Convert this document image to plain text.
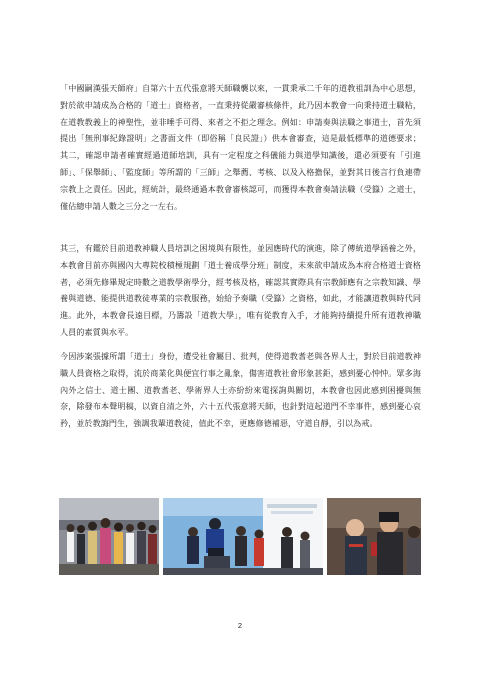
「中國嗣漢張天師府」自第六十五代張意將天師職襲以來，一貫秉承二千年的道教祖訓為中心思想，對於欲申請成為合格的「道士」資格者，一直秉持從嚴審核條件，此乃因本教會一向秉持道士職粘，在道教教義上的神聖性，並非唾手可得、來者之不拒之理念。例如：申請奏與法職之事道士，首先須提出「無刑事紀錄證明」之書面文件（即俗稱「良民證」）供本會審查，這是最低標準的道德要求；其二，確認申請者確實經過道師培訓，具有一定程度之科儀能力與道學知識後，還必須要有「引進師」、「保舉師」、「監度師」等所謂的「三師」之舉薦、考核、以及入格擔保，並對其日後言行負連帶宗教上之責任。因此，經統計，最終通過本教會審核認可，而獲得本教會奏請法職（受籙）之道士，僅佔總申請人數之三分之一左右。

其三，有鑑於目前道教神職人員培訓之困境與有限性，並因應時代的演進，除了傳統道學涵養之外，本教會目前亦與國內大專院校積極規劃「道士養成學分班」制度，未來欲申請成為本府合格道士資格者，必須先修畢規定時數之道教學術學分，經考核及格，確認其實際具有宗教師應有之宗教知識、學養與道德、能提供道教徒專業的宗教服務，始給予奏職（受籙）之資格，如此，才能讓道教與時代同進。此外，本教會長遠目標，乃籌設「道教大學」，唯有從教育入手，才能夠持續提升所有道教神職人員的素質與水平。

今因涉案張據所謂「道士」身份，遭受社會屬目、批判，使得道教耆老與各界人士，對於目前道教神職人員資格之取得，流於商業化與便宜行事之亂象，傷害道教社會形象甚鉅，感到憂心忡忡。眾多海內外之信士、道士團、道教耆老、學術界人士亦紛紛來電探詢與關切，本教會也因此感到困擾與無奈，除發布本聲明稿，以資自清之外，六十五代張意將天師，也針對這起道門不幸事件，感到憂心哀矜，並於教誨門生，強調我輩道教徒，值此不幸，更應修德補惡，守道自靜，引以為戒。

2
